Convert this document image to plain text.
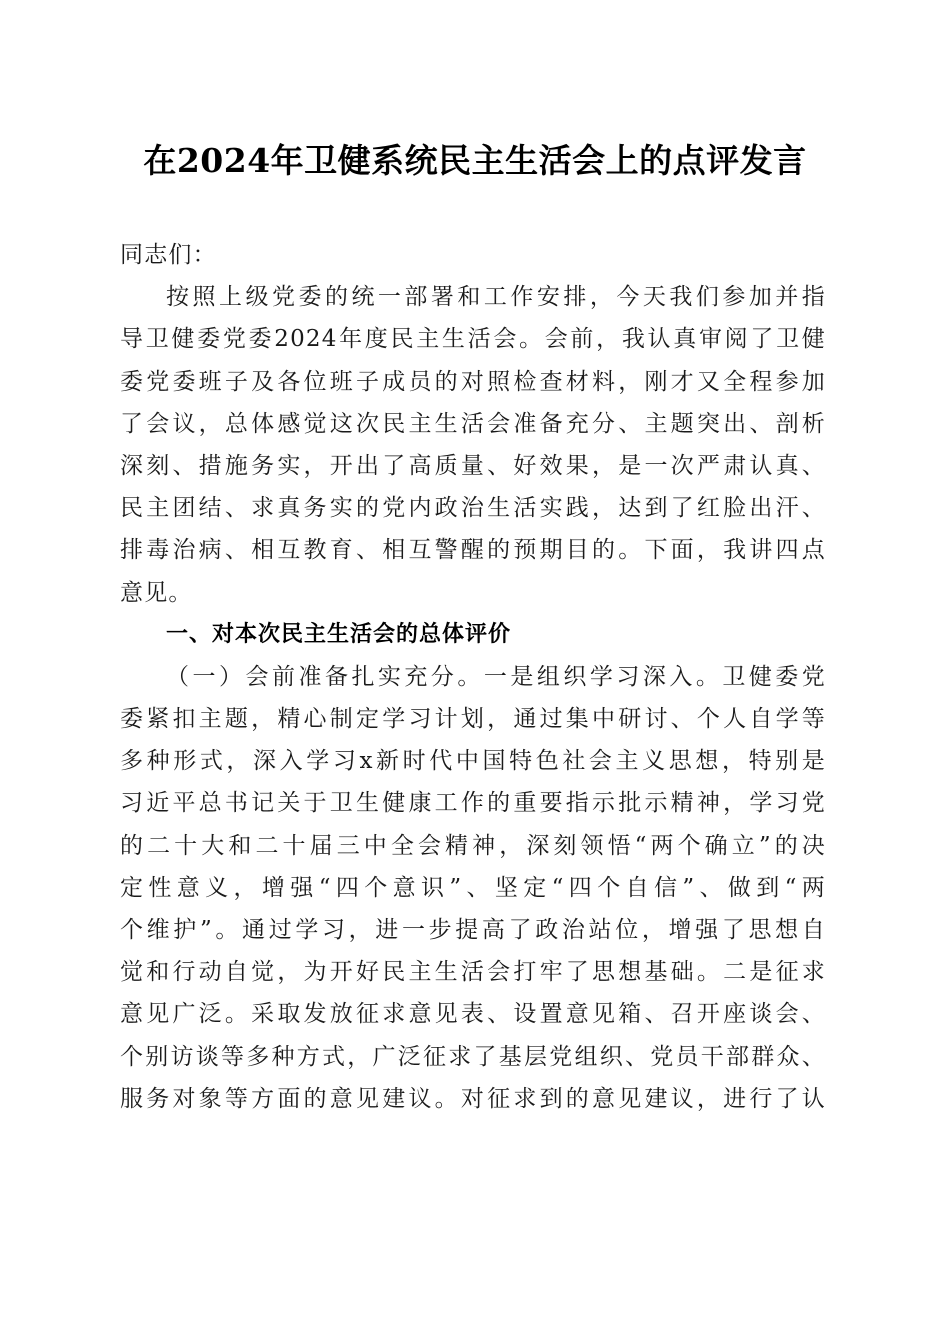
在2024年卫健系统民主生活会上的点评发言
同志们：
按照上级党委的统一部署和工作安排，今天我们参加并指
导卫健委党委2024年度民主生活会。会前，我认真审阅了卫健
委党委班子及各位班子成员的对照检查材料，刚才又全程参加
了会议，总体感觉这次民主生活会准备充分、主题突出、剖析
深刻、措施务实，开出了高质量、好效果，是一次严肃认真、
民主团结、求真务实的党内政治生活实践，达到了红脸出汗、
排毒治病、相互教育、相互警醒的预期目的。下面，我讲四点
意见。
一、对本次民主生活会的总体评价
（一）会前准备扎实充分。一是组织学习深入。卫健委党
委紧扣主题，精心制定学习计划，通过集中研讨、个人自学等
多种形式，深入学习x新时代中国特色社会主义思想，特别是
习近平总书记关于卫生健康工作的重要指示批示精神，学习党
的二十大和二十届三中全会精神，深刻领悟“两个确立”的决
定性意义，增强“四个意识”、坚定“四个自信”、做到“两
个维护”。通过学习，进一步提高了政治站位，增强了思想自
觉和行动自觉，为开好民主生活会打牢了思想基础。二是征求
意见广泛。采取发放征求意见表、设置意见箱、召开座谈会、
个别访谈等多种方式，广泛征求了基层党组织、党员干部群众、
服务对象等方面的意见建议。对征求到的意见建议，进行了认
